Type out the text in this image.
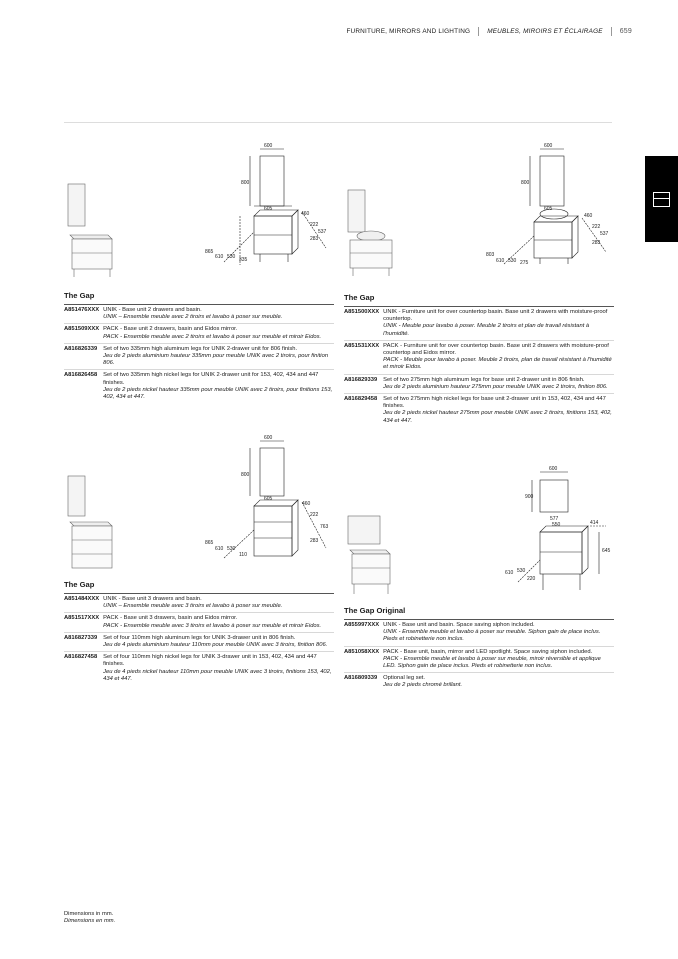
FURNITURE, MIRRORS AND LIGHTING	MEUBLES, MIROIRS ET ÉCLAIRAGE 659
600
800
605
460
222
537
283
865
610 530 335
The Gap
A851476XXX	UNIK - Base unit 2 drawers and basin.
UNIK – Ensemble meuble avec 2 tiroirs et lavabo à poser sur meuble.

A851509XXX	PACK - Base unit 2 drawers, basin and Eidos mirror.
PACK - Ensemble meuble avec 2 tiroirs et lavabo à poser sur meuble et miroir Eidos.

A816826339	Set of two 335mm high aluminum legs for UNIK 2-drawer unit for 806 finish.
Jeu de 2 pieds aluminium hauteur 335mm pour meuble UNIK avec 2 tiroirs, pour finition 806.

A816826458	Set of two 335mm high nickel legs for UNIK 2-drawer unit for 153, 402, 434 and 447 finishes.
Jeu de 2 pieds nickel hauteur 335mm pour meuble UNIK avec 2 tiroirs, pour finitions 153, 402, 434 et 447.
600
800
605
460
222
537
283
803
610 530 275
The Gap
A851500XXX	UNIK - Furniture unit for over countertop basin. Base unit 2 drawers with moisture-proof countertop.
UNIK - Meuble pour lavabo à poser. Meuble 2 tiroirs et plan de travail résistant à l'humidité.

A851531XXX	PACK - Furniture unit for over countertop basin. Base unit 2 drawers with moisture-proof countertop and Eidos mirror.
PACK - Meuble pour lavabo à poser. Meuble 2 tiroirs, plan de travail résistant à l'humidité et miroir Eidos.

A816829339	Set of two 275mm high aluminum legs for base unit 2-drawer unit in 806 finish.
Jeu de 2 pieds aluminium hauteur 275mm pour meuble UNIK avec 2 tiroirs, finition 806.

A816829458	Set of two 275mm high nickel legs for base unit 2-drawer unit in 153, 402, 434 and 447 finishes.
Jeu de 2 pieds nickel hauteur 275mm pour meuble UNIK avec 2 tiroirs, finitions 153, 402, 434 et 447.
600
800
605
460
222
763
283
865
610 530
110
The Gap
A851484XXX	UNIK - Base unit 3 drawers and basin.
UNIK – Ensemble meuble avec 3 tiroirs et lavabo à poser sur meuble.

A851517XXX	PACK - Base unit 3 drawers, basin and Eidos mirror.
PACK - Ensemble meuble avec 3 tiroirs et lavabo à poser sur meuble et miroir Eidos.

A816827339	Set of four 110mm high aluminum legs for UNIK 3-drawer unit in 806 finish.
Jeu de 4 pieds aluminium hauteur 110mm pour meuble UNIK avec 3 tiroirs, finition 806.

A816827458	Set of four 110mm high nickel legs for UNIK 3-drawer unit in 153, 402, 434 and 447 finishes.
Jeu de 4 pieds nickel hauteur 110mm pour meuble UNIK avec 3 tiroirs, finitions 153, 402, 434 et 447.
600
900
577
414
550
645
610 530
220
The Gap Original
A855997XXX	UNIK - Base unit and basin. Space saving siphon included.
UNIK - Ensemble meuble et lavabo à poser sur meuble. Siphon gain de place inclus. Pieds et robinetterie non inclus.

A851058XXX	PACK - Base unit, basin, mirror and LED spotlight. Space saving siphon included.
PACK - Ensemble meuble et lavabo à poser sur meuble, miroir réversible et applique LED. Siphon gain de place inclus. Pieds et robinetterie non inclus.

A816809339	Optional leg set.
Jeu de 2 pieds chromé brillant.
Dimensions in mm.
Dimensions en mm.
